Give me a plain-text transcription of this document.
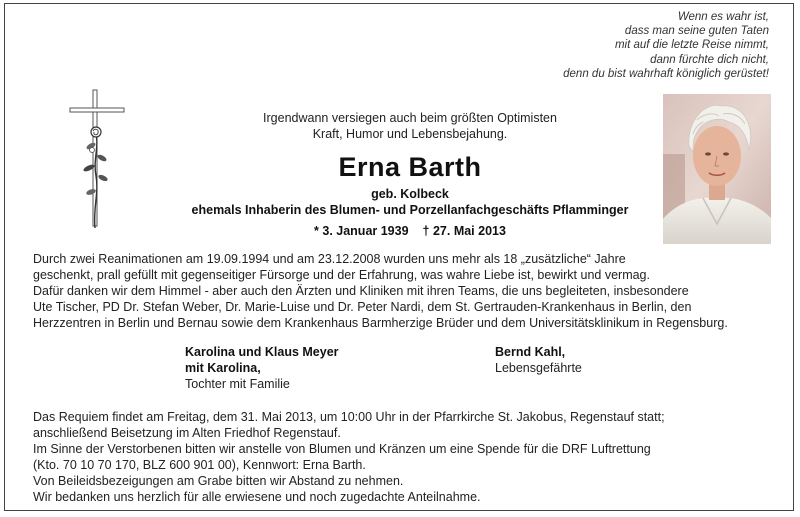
Wenn es wahr ist,
dass man seine guten Taten
mit auf die letzte Reise nimmt,
dann fürchte dich nicht,
denn du bist wahrhaft königlich gerüstet!
Irgendwann versiegen auch beim größten Optimisten
Kraft, Humor und Lebensbejahung.
Erna Barth
geb. Kolbeck
ehemals Inhaberin des Blumen- und Porzellanfachgeschäfts Pflamminger
* 3. Januar 1939 † 27. Mai 2013
Durch zwei Reanimationen am 19.09.1994 und am 23.12.2008 wurden uns mehr als 18 „zusätzliche“ Jahre
geschenkt, prall gefüllt mit gegenseitiger Fürsorge und der Erfahrung, was wahre Liebe ist, bewirkt und vermag.
Dafür danken wir dem Himmel - aber auch den Ärzten und Kliniken mit ihren Teams, die uns begleiteten, insbesondere
Ute Tischer, PD Dr. Stefan Weber, Dr. Marie-Luise und Dr. Peter Nardi, dem St. Gertrauden-Krankenhaus in Berlin, den
Herzzentren in Berlin und Bernau sowie dem Krankenhaus Barmherzige Brüder und dem Universitätsklinikum in Regensburg.
Karolina und Klaus Meyer
mit Karolina,
Tochter mit Familie
Bernd Kahl,
Lebensgefährte
Das Requiem findet am Freitag, dem 31. Mai 2013, um 10:00 Uhr in der Pfarrkirche St. Jakobus, Regenstauf statt;
anschließend Beisetzung im Alten Friedhof Regenstauf.
Im Sinne der Verstorbenen bitten wir anstelle von Blumen und Kränzen um eine Spende für die DRF Luftrettung
(Kto. 70 10 70 170, BLZ 600 901 00), Kennwort: Erna Barth.
Von Beileidsbezeigungen am Grabe bitten wir Abstand zu nehmen.
Wir bedanken uns herzlich für alle erwiesene und noch zugedachte Anteilnahme.
